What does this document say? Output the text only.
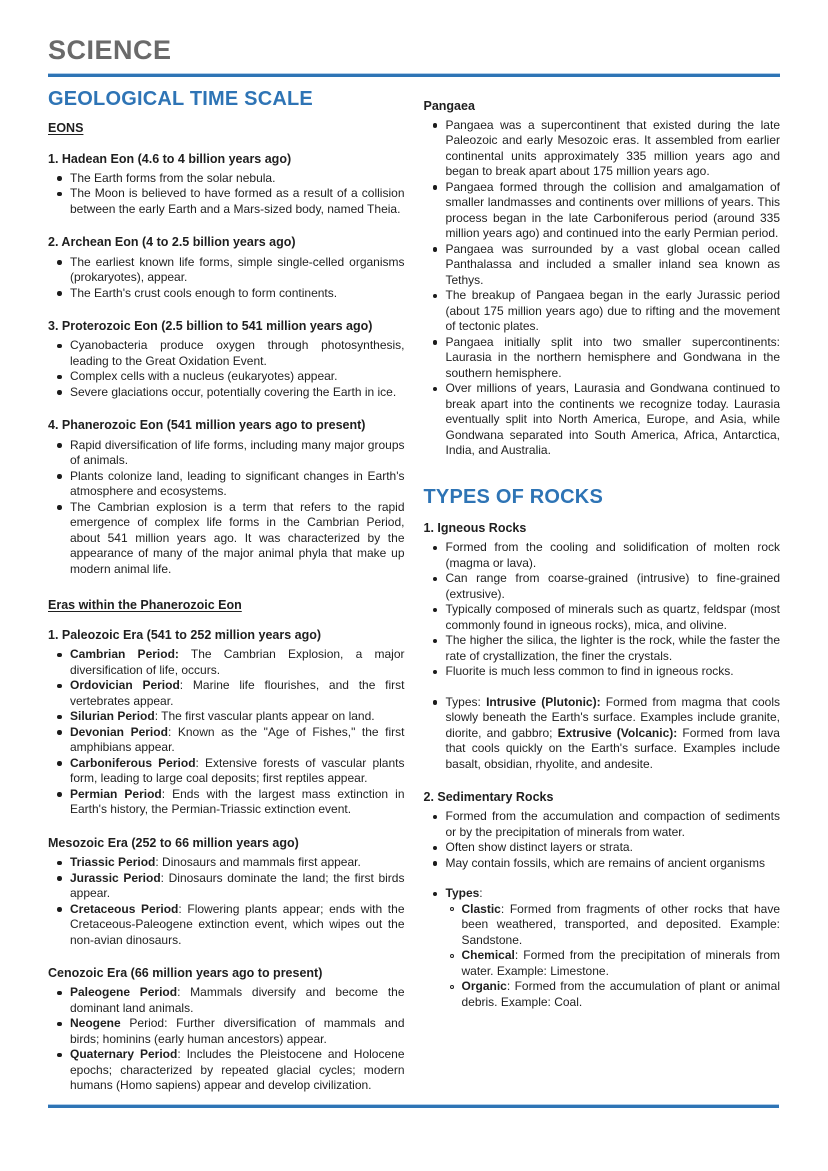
SCIENCE
GEOLOGICAL TIME SCALE
EONS
1. Hadean Eon (4.6 to 4 billion years ago)
The Earth forms from the solar nebula.
The Moon is believed to have formed as a result of a collision between the early Earth and a Mars-sized body, named Theia.
2. Archean Eon (4 to 2.5 billion years ago)
The earliest known life forms, simple single-celled organisms (prokaryotes), appear.
The Earth's crust cools enough to form continents.
3. Proterozoic Eon (2.5 billion to 541 million years ago)
Cyanobacteria produce oxygen through photosynthesis, leading to the Great Oxidation Event.
Complex cells with a nucleus (eukaryotes) appear.
Severe glaciations occur, potentially covering the Earth in ice.
4. Phanerozoic Eon (541 million years ago to present)
Rapid diversification of life forms, including many major groups of animals.
Plants colonize land, leading to significant changes in Earth's atmosphere and ecosystems.
The Cambrian explosion is a term that refers to the rapid emergence of complex life forms in the Cambrian Period, about 541 million years ago. It was characterized by the appearance of many of the major animal phyla that make up modern animal life.
Eras within the Phanerozoic Eon
1. Paleozoic Era (541 to 252 million years ago)
Cambrian Period: The Cambrian Explosion, a major diversification of life, occurs.
Ordovician Period: Marine life flourishes, and the first vertebrates appear.
Silurian Period: The first vascular plants appear on land.
Devonian Period: Known as the "Age of Fishes," the first amphibians appear.
Carboniferous Period: Extensive forests of vascular plants form, leading to large coal deposits; first reptiles appear.
Permian Period: Ends with the largest mass extinction in Earth's history, the Permian-Triassic extinction event.
Mesozoic Era (252 to 66 million years ago)
Triassic Period: Dinosaurs and mammals first appear.
Jurassic Period: Dinosaurs dominate the land; the first birds appear.
Cretaceous Period: Flowering plants appear; ends with the Cretaceous-Paleogene extinction event, which wipes out the non-avian dinosaurs.
Cenozoic Era (66 million years ago to present)
Paleogene Period: Mammals diversify and become the dominant land animals.
Neogene Period: Further diversification of mammals and birds; hominins (early human ancestors) appear.
Quaternary Period: Includes the Pleistocene and Holocene epochs; characterized by repeated glacial cycles; modern humans (Homo sapiens) appear and develop civilization.
Pangaea
Pangaea was a supercontinent that existed during the late Paleozoic and early Mesozoic eras. It assembled from earlier continental units approximately 335 million years ago and began to break apart about 175 million years ago.
Pangaea formed through the collision and amalgamation of smaller landmasses and continents over millions of years. This process began in the late Carboniferous period (around 335 million years ago) and continued into the early Permian period.
Pangaea was surrounded by a vast global ocean called Panthalassa and included a smaller inland sea known as Tethys.
The breakup of Pangaea began in the early Jurassic period (about 175 million years ago) due to rifting and the movement of tectonic plates.
Pangaea initially split into two smaller supercontinents: Laurasia in the northern hemisphere and Gondwana in the southern hemisphere.
Over millions of years, Laurasia and Gondwana continued to break apart into the continents we recognize today. Laurasia eventually split into North America, Europe, and Asia, while Gondwana separated into South America, Africa, Antarctica, India, and Australia.
TYPES OF ROCKS
1. Igneous Rocks
Formed from the cooling and solidification of molten rock (magma or lava).
Can range from coarse-grained (intrusive) to fine-grained (extrusive).
Typically composed of minerals such as quartz, feldspar (most commonly found in igneous rocks), mica, and olivine.
The higher the silica, the lighter is the rock, while the faster the rate of crystallization, the finer the crystals.
Fluorite is much less common to find in igneous rocks.
Types: Intrusive (Plutonic): Formed from magma that cools slowly beneath the Earth's surface. Examples include granite, diorite, and gabbro; Extrusive (Volcanic): Formed from lava that cools quickly on the Earth's surface. Examples include basalt, obsidian, rhyolite, and andesite.
2. Sedimentary Rocks
Formed from the accumulation and compaction of sediments or by the precipitation of minerals from water.
Often show distinct layers or strata.
May contain fossils, which are remains of ancient organisms
Types:
Clastic: Formed from fragments of other rocks that have been weathered, transported, and deposited. Example: Sandstone.
Chemical: Formed from the precipitation of minerals from water. Example: Limestone.
Organic: Formed from the accumulation of plant or animal debris. Example: Coal.
